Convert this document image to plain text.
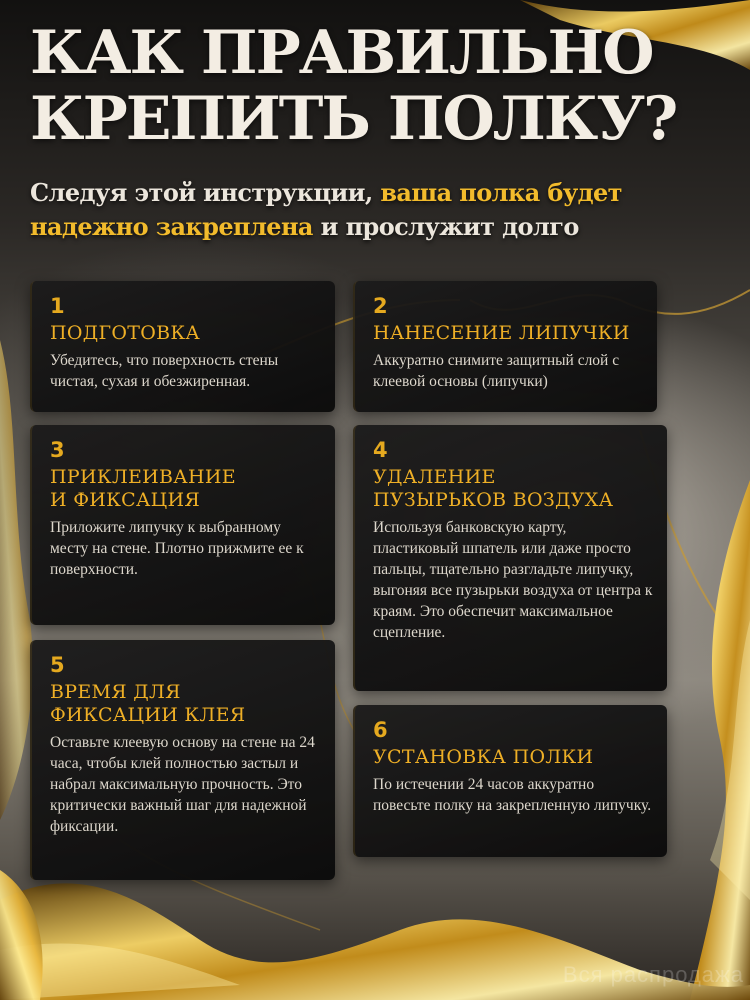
КАК ПРАВИЛЬНО КРЕПИТЬ ПОЛКУ?
Следуя этой инструкции, ваша полка будет надежно закреплена и прослужит долго
1
ПОДГОТОВКА
Убедитесь, что поверхность стены чистая, сухая и обезжиренная.
2
НАНЕСЕНИЕ ЛИПУЧКИ
Аккуратно снимите защитный слой с клеевой основы (липучки)
3
ПРИКЛЕИВАНИЕ
И ФИКСАЦИЯ
Приложите липучку к выбранному месту на стене. Плотно прижмите ее к поверхности.
4
УДАЛЕНИЕ
ПУЗЫРЬКОВ ВОЗДУХА
Используя банковскую карту, пластиковый шпатель или даже просто пальцы, тщательно разгладьте липучку, выгоняя все пузырьки воздуха от центра к краям. Это обеспечит максимальное сцепление.
5
ВРЕМЯ ДЛЯ
ФИКСАЦИИ КЛЕЯ
Оставьте клеевую основу на стене на 24 часа, чтобы клей полностью застыл и набрал максимальную прочность. Это критически важный шаг для надежной фиксации.
6
УСТАНОВКА ПОЛКИ
По истечении 24 часов аккуратно повесьте полку на закрепленную липучку.
Вся распродажа
